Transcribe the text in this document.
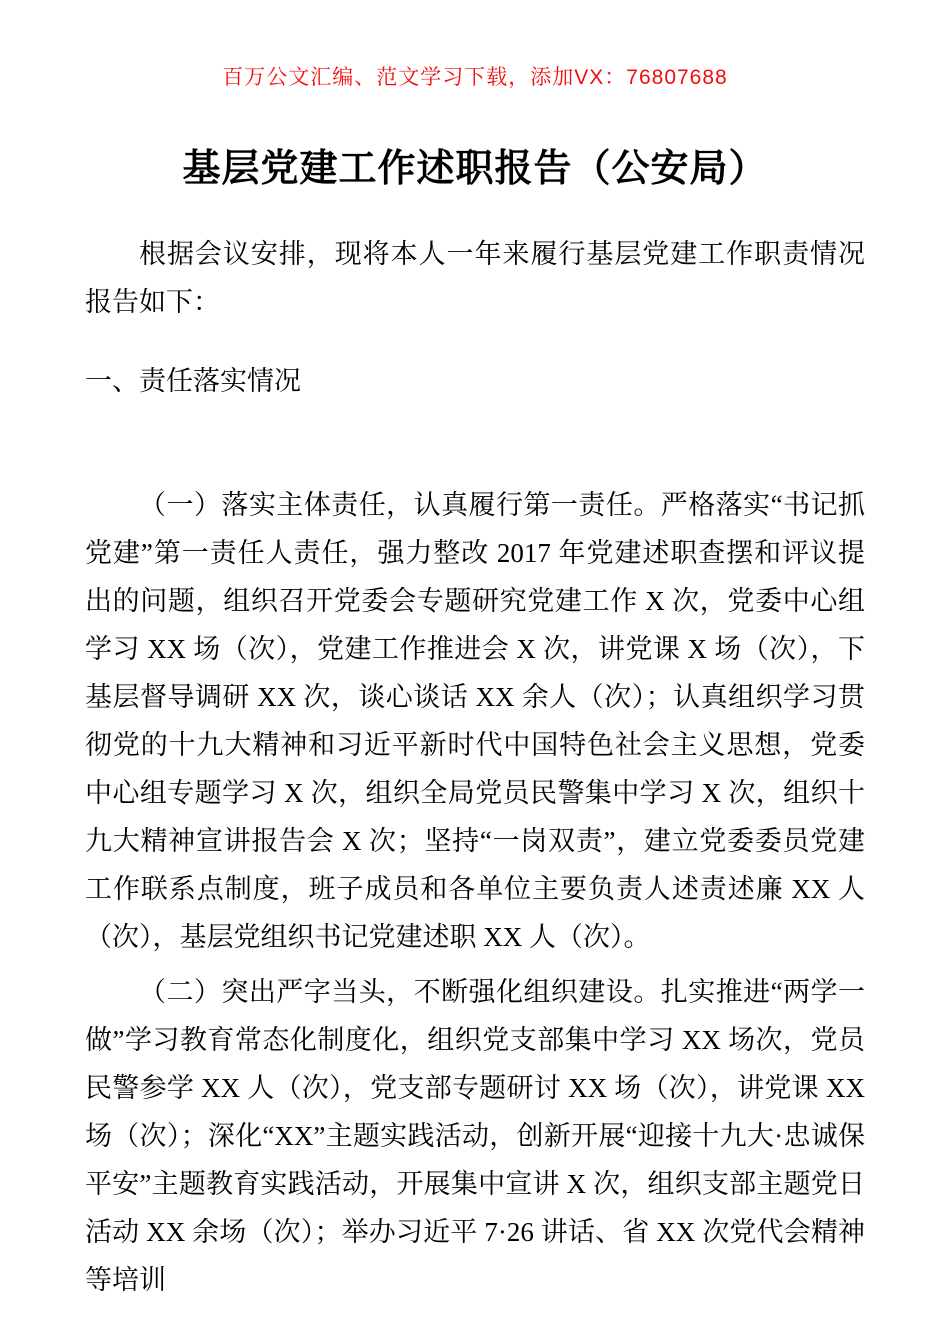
百万公文汇编、范文学习下载，添加VX：76807688
基层党建工作述职报告（公安局）

根据会议安排，现将本人一年来履行基层党建工作职责情况报告如下：

一、责任落实情况

（一）落实主体责任，认真履行第一责任。严格落实“书记抓党建”第一责任人责任，强力整改 2017 年党建述职查摆和评议提出的问题，组织召开党委会专题研究党建工作 X 次，党委中心组学习 XX 场（次），党建工作推进会 X 次，讲党课 X 场（次），下基层督导调研 XX 次，谈心谈话 XX 余人（次）；认真组织学习贯彻党的十九大精神和习近平新时代中国特色社会主义思想，党委中心组专题学习 X 次，组织全局党员民警集中学习 X 次，组织十九大精神宣讲报告会 X 次；坚持“一岗双责”，建立党委委员党建工作联系点制度，班子成员和各单位主要负责人述责述廉 XX 人（次），基层党组织书记党建述职 XX 人（次）。

（二）突出严字当头，不断强化组织建设。扎实推进“两学一做”学习教育常态化制度化，组织党支部集中学习 XX 场次，党员民警参学 XX 人（次），党支部专题研讨 XX 场（次），讲党课 XX 场（次）；深化“XX”主题实践活动，创新开展“迎接十九大·忠诚保平安”主题教育实践活动，开展集中宣讲 X 次，组织支部主题党日活动 XX 余场（次）；举办习近平 7·26 讲话、省 XX 次党代会精神等培训
